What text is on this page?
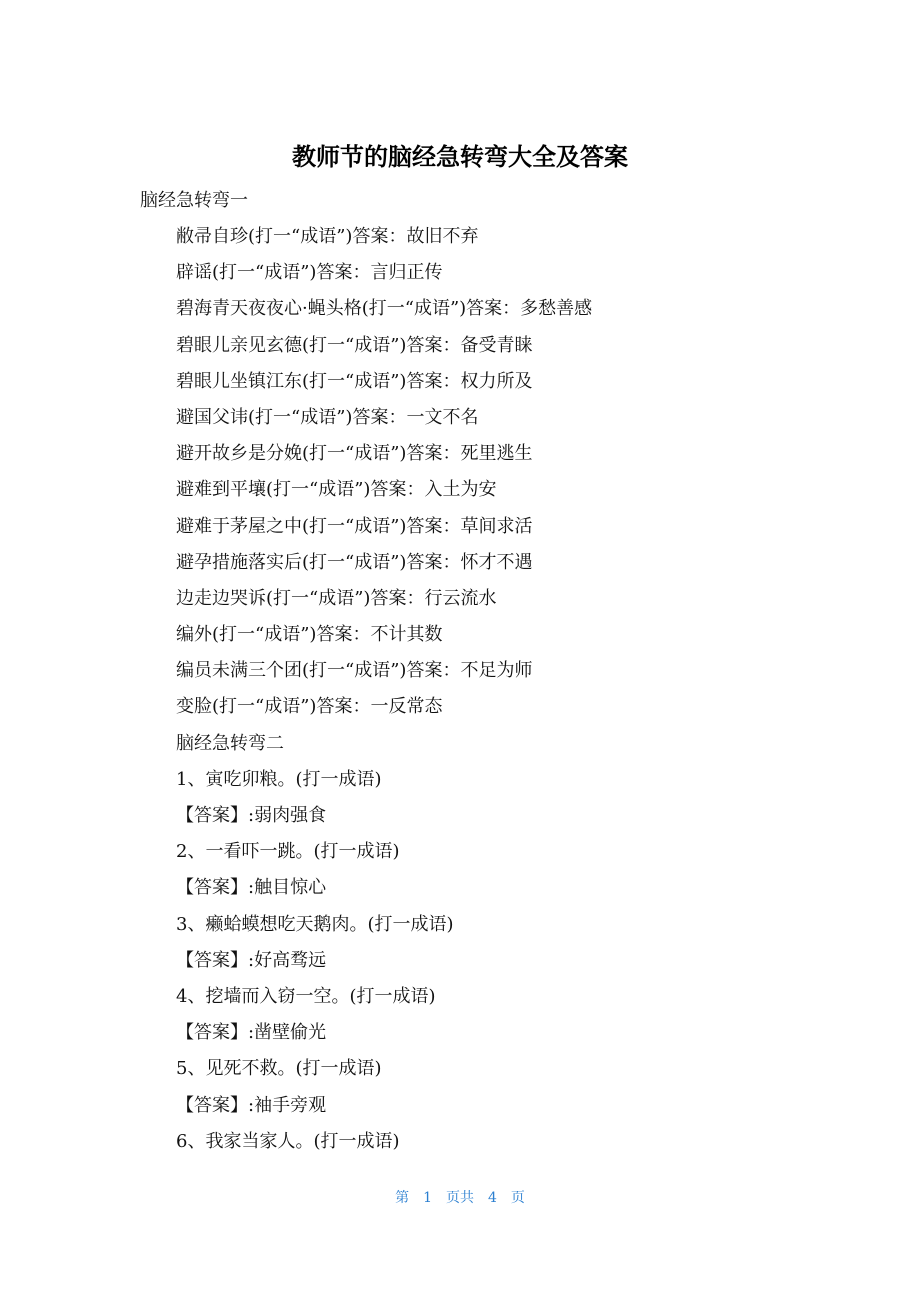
教师节的脑经急转弯大全及答案
脑经急转弯一
敝帚自珍(打一“成语”)答案：故旧不弃
辟谣(打一“成语”)答案：言归正传
碧海青天夜夜心·蝇头格(打一“成语”)答案：多愁善感
碧眼儿亲见玄德(打一“成语”)答案：备受青睐
碧眼儿坐镇江东(打一“成语”)答案：权力所及
避国父讳(打一“成语”)答案：一文不名
避开故乡是分娩(打一“成语”)答案：死里逃生
避难到平壤(打一“成语”)答案：入土为安
避难于茅屋之中(打一“成语”)答案：草间求活
避孕措施落实后(打一“成语”)答案：怀才不遇
边走边哭诉(打一“成语”)答案：行云流水
编外(打一“成语”)答案：不计其数
编员未满三个团(打一“成语”)答案：不足为师
变脸(打一“成语”)答案：一反常态
脑经急转弯二
1、寅吃卯粮。(打一成语)
【答案】:弱肉强食
2、一看吓一跳。(打一成语)
【答案】:触目惊心
3、癞蛤蟆想吃天鹅肉。(打一成语)
【答案】:好高骛远
4、挖墙而入窃一空。(打一成语)
【答案】:凿壁偷光
5、见死不救。(打一成语)
【答案】:袖手旁观
6、我家当家人。(打一成语)
第 1 页共 4 页
